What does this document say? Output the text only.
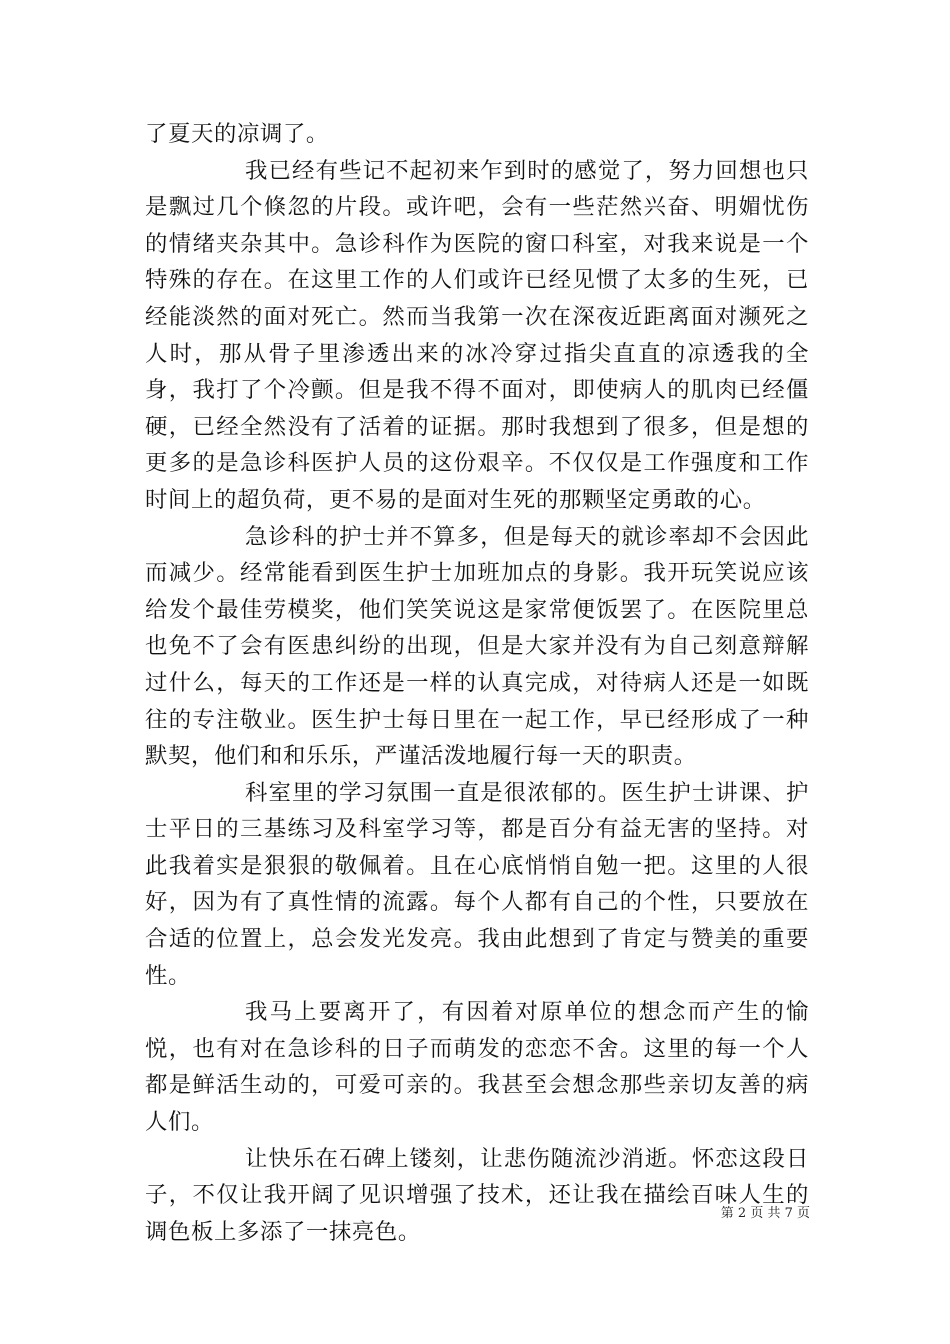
了夏天的凉调了。

我已经有些记不起初来乍到时的感觉了，努力回想也只是飘过几个倏忽的片段。或许吧，会有一些茫然兴奋、明媚忧伤的情绪夹杂其中。急诊科作为医院的窗口科室，对我来说是一个特殊的存在。在这里工作的人们或许已经见惯了太多的生死，已经能淡然的面对死亡。然而当我第一次在深夜近距离面对濒死之人时，那从骨子里渗透出来的冰冷穿过指尖直直的凉透我的全身，我打了个冷颤。但是我不得不面对，即使病人的肌肉已经僵硬，已经全然没有了活着的证据。那时我想到了很多，但是想的更多的是急诊科医护人员的这份艰辛。不仅仅是工作强度和工作时间上的超负荷，更不易的是面对生死的那颗坚定勇敢的心。

急诊科的护士并不算多，但是每天的就诊率却不会因此而减少。经常能看到医生护士加班加点的身影。我开玩笑说应该给发个最佳劳模奖，他们笑笑说这是家常便饭罢了。在医院里总也免不了会有医患纠纷的出现，但是大家并没有为自己刻意辩解过什么，每天的工作还是一样的认真完成，对待病人还是一如既往的专注敬业。医生护士每日里在一起工作，早已经形成了一种默契，他们和和乐乐，严谨活泼地履行每一天的职责。

科室里的学习氛围一直是很浓郁的。医生护士讲课、护士平日的三基练习及科室学习等，都是百分有益无害的坚持。对此我着实是狠狠的敬佩着。且在心底悄悄自勉一把。这里的人很好，因为有了真性情的流露。每个人都有自己的个性，只要放在合适的位置上，总会发光发亮。我由此想到了肯定与赞美的重要性。

我马上要离开了，有因着对原单位的想念而产生的愉悦，也有对在急诊科的日子而萌发的恋恋不舍。这里的每一个人都是鲜活生动的，可爱可亲的。我甚至会想念那些亲切友善的病人们。

让快乐在石碑上镂刻，让悲伤随流沙消逝。怀恋这段日子，不仅让我开阔了见识增强了技术，还让我在描绘百味人生的调色板上多添了一抹亮色。

第 2 页 共 7 页
